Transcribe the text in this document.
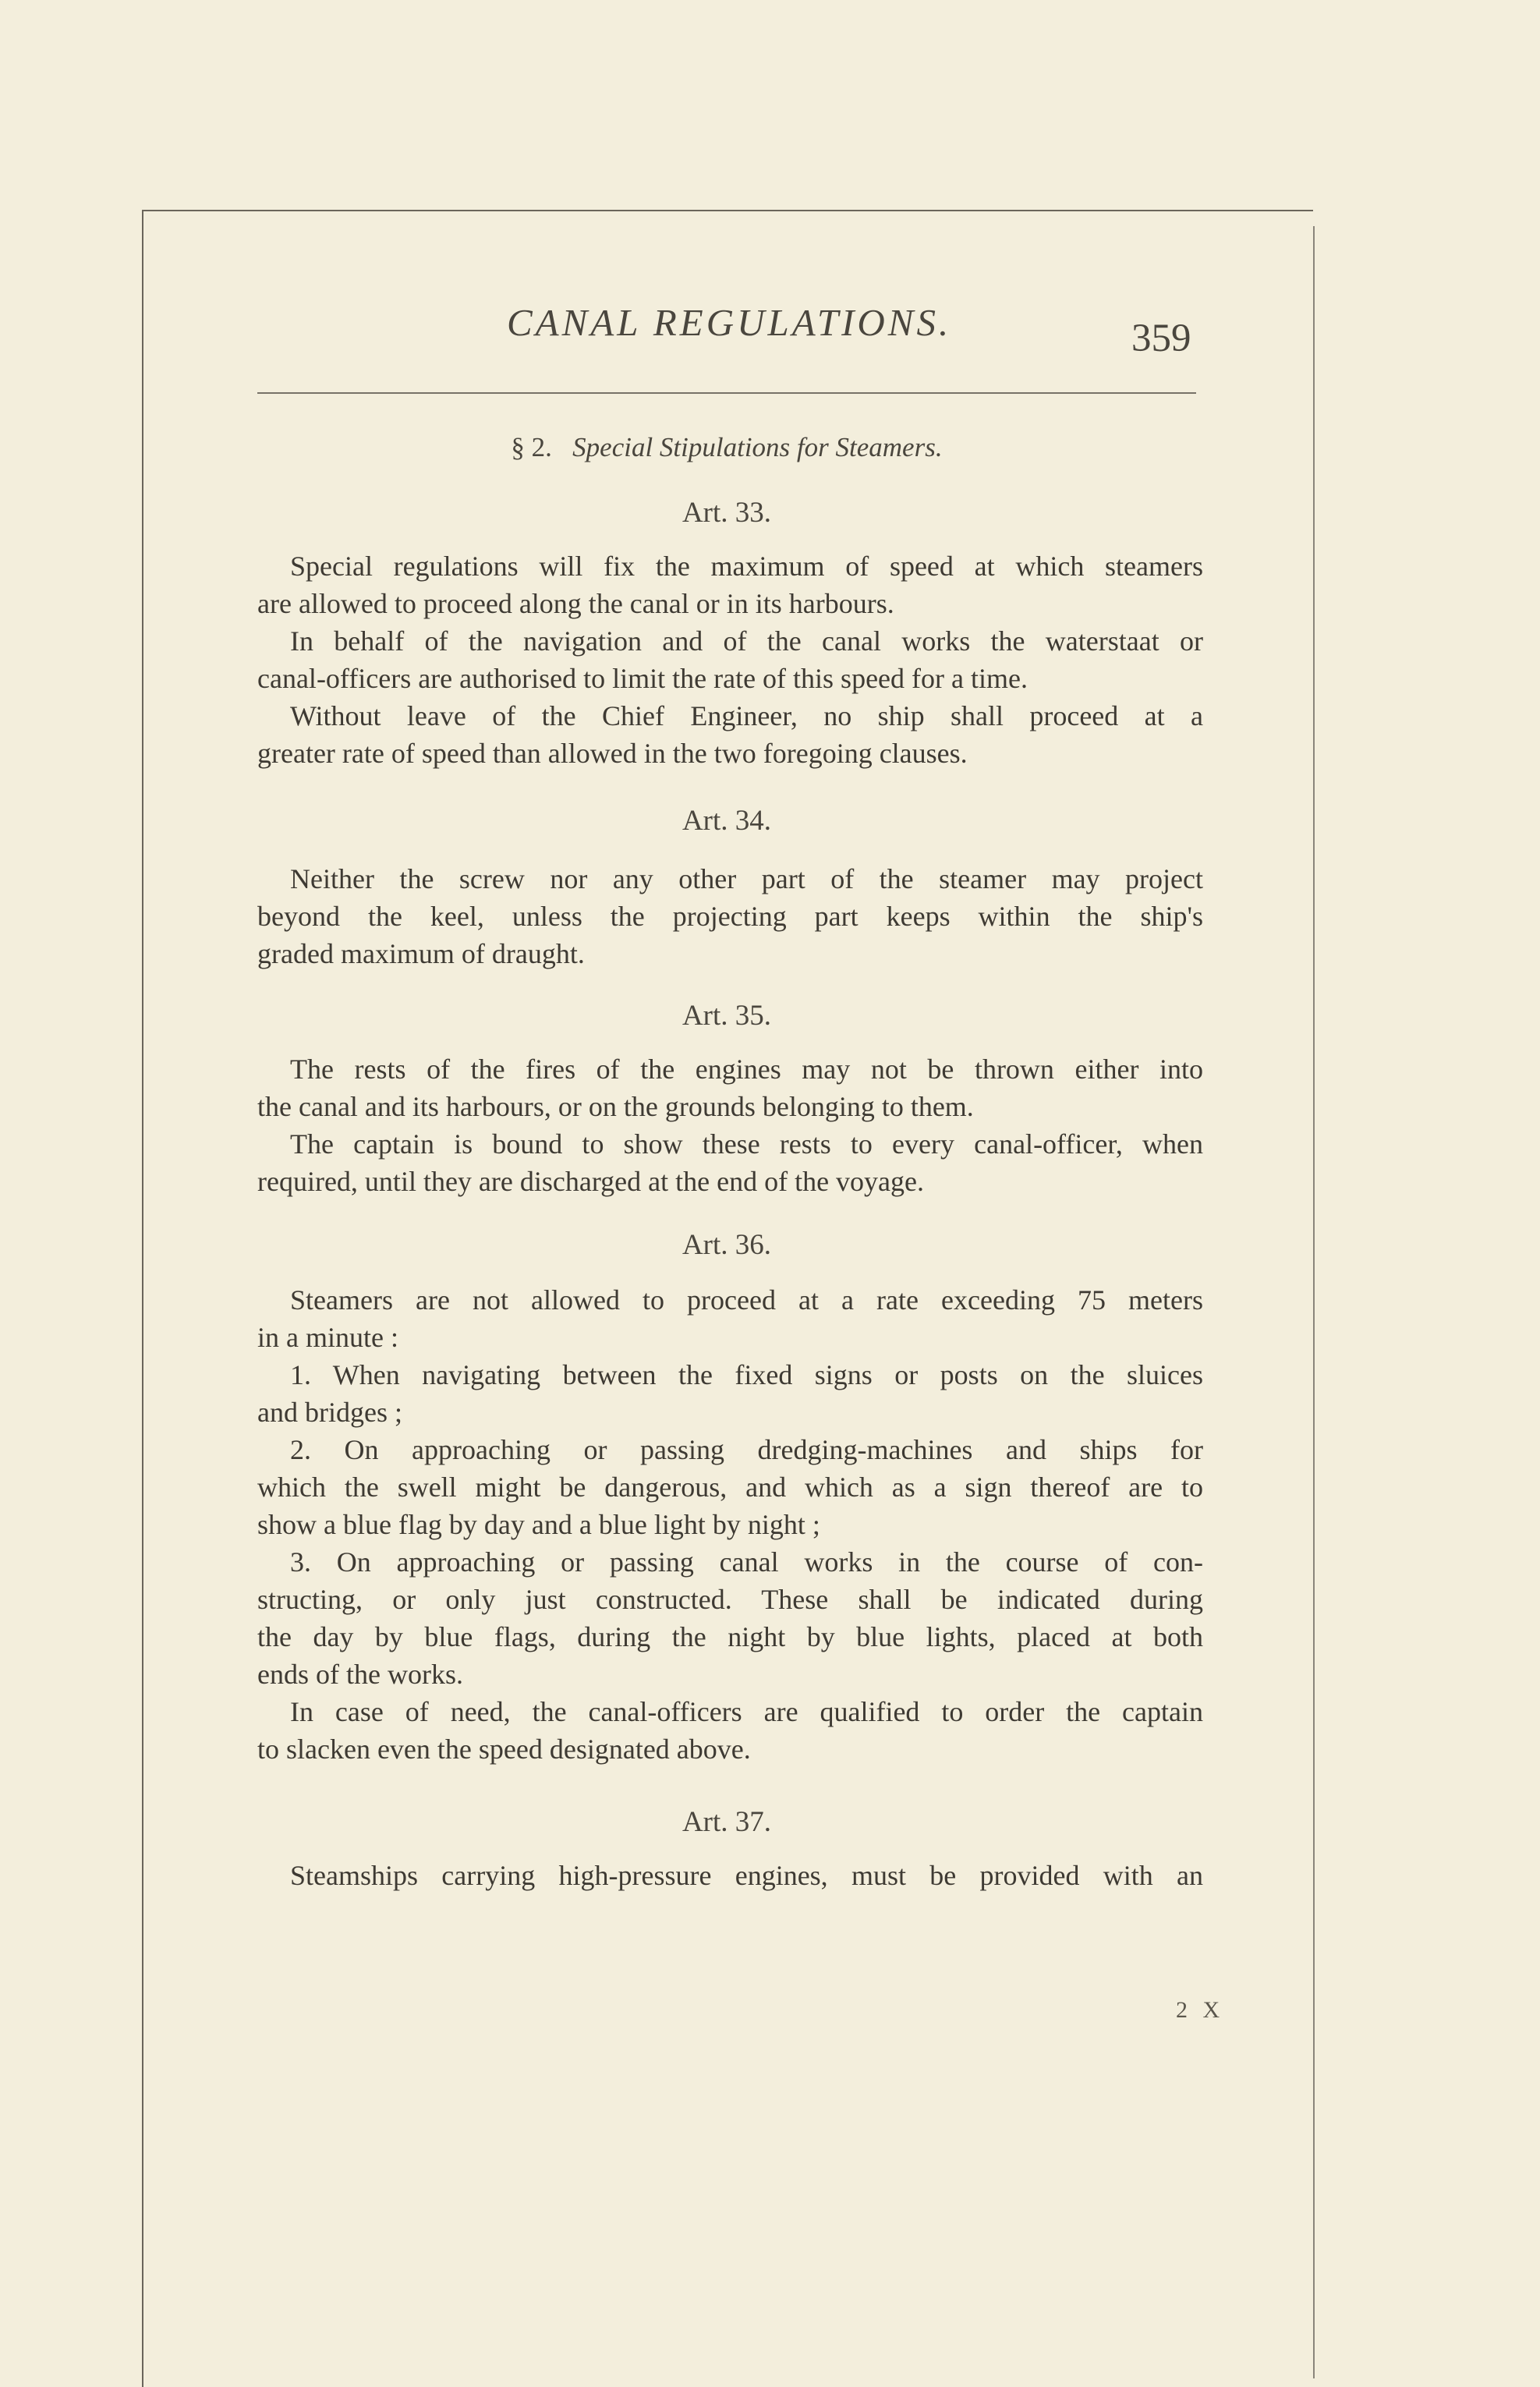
CANAL REGULATIONS.	359
§ 2. Special Stipulations for Steamers.
Art. 33.
Special regulations will fix the maximum of speed at which steamers
are allowed to proceed along the canal or in its harbours.
In behalf of the navigation and of the canal works the waterstaat or
canal-officers are authorised to limit the rate of this speed for a time.
Without leave of the Chief Engineer, no ship shall proceed at a
greater rate of speed than allowed in the two foregoing clauses.
Art. 34.
Neither the screw nor any other part of the steamer may project
beyond the keel, unless the projecting part keeps within the ship's
graded maximum of draught.
Art. 35.
The rests of the fires of the engines may not be thrown either into
the canal and its harbours, or on the grounds belonging to them.
The captain is bound to show these rests to every canal-officer, when
required, until they are discharged at the end of the voyage.
Art. 36.
Steamers are not allowed to proceed at a rate exceeding 75 meters
in a minute :
1. When navigating between the fixed signs or posts on the sluices
and bridges ;
2. On approaching or passing dredging-machines and ships for
which the swell might be dangerous, and which as a sign thereof are to
show a blue flag by day and a blue light by night ;
3. On approaching or passing canal works in the course of con-
structing, or only just constructed. These shall be indicated during
the day by blue flags, during the night by blue lights, placed at both
ends of the works.
In case of need, the canal-officers are qualified to order the captain
to slacken even the speed designated above.
Art. 37.
Steamships carrying high-pressure engines, must be provided with an
2 X
